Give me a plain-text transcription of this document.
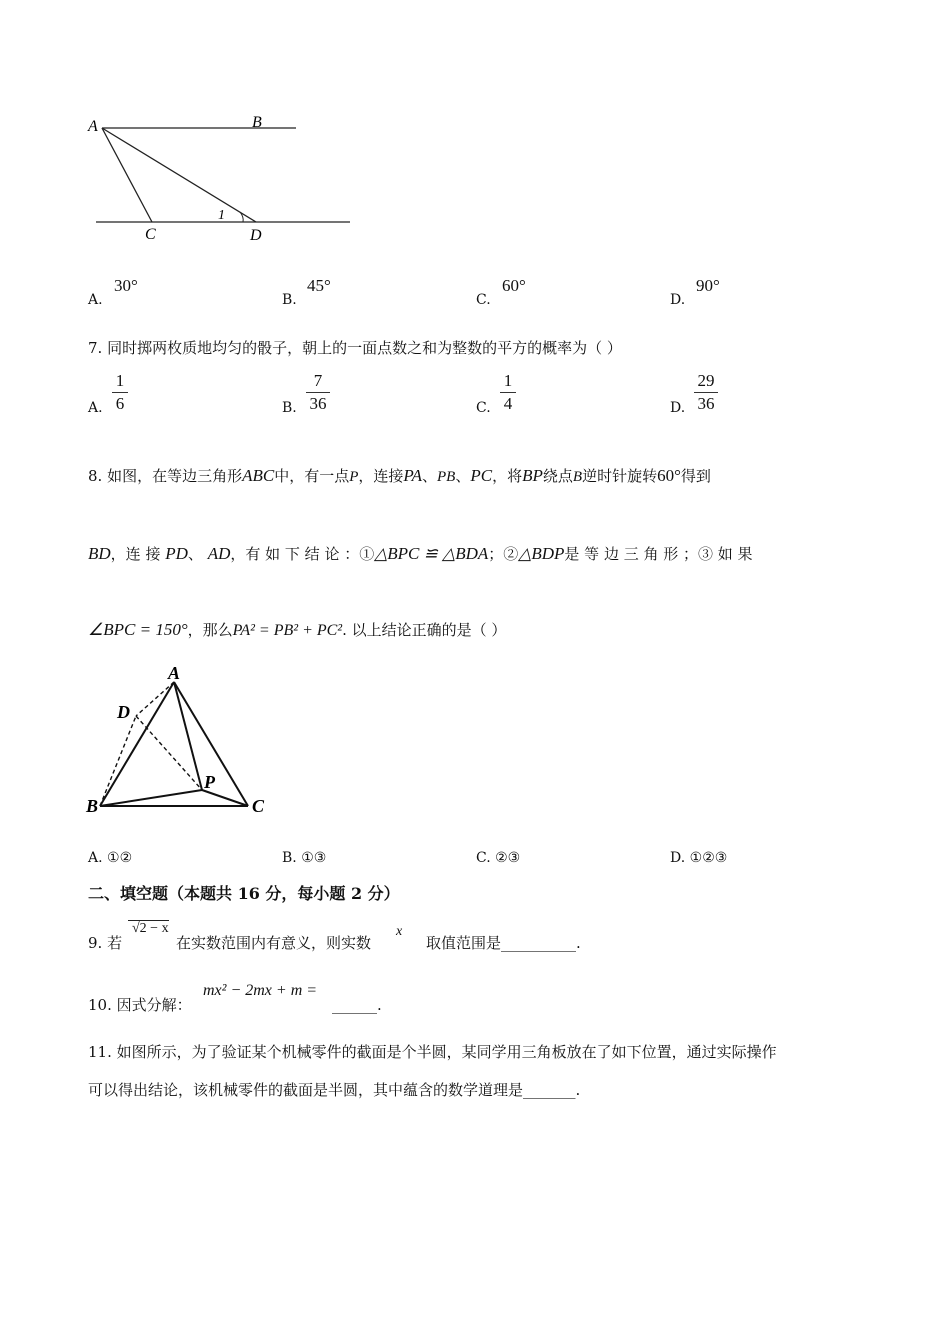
A	B
C	D
1
A.
30°
B.
45°
C.
60°
D.
90°
7. 同时掷两枚质地均匀的骰子，朝上的一面点数之和为整数的平方的概率为（ ）
A.
1
6	B.
7
36	C.
1
4	D.
29
36
8. 如图，在等边三角形ABC中，有一点P，连接PA、PB、PC，将BP绕点B逆时针旋转60°得到
BD，连 接 PD、 AD，有 如 下 结 论 ：①△BPC ≌ △BDA；②△BDP是 等 边 三 角 形 ；③ 如 果
∠BPC = 150°，那么PA² = PB² + PC². 以上结论正确的是（ ）
A
D
P
B	C
A. ①②	B. ①③	C. ②③	D. ①②③
二、填空题（本题共 16 分，每小题 2 分）
9. 若
√2 − x
在实数范围内有意义，则实数
x
取值范围是__________.
10. 因式分解：
mx² − 2mx + m =
______.
11. 如图所示，为了验证某个机械零件的截面是个半圆，某同学用三角板放在了如下位置，通过实际操作
可以得出结论，该机械零件的截面是半圆，其中蕴含的数学道理是_______.
